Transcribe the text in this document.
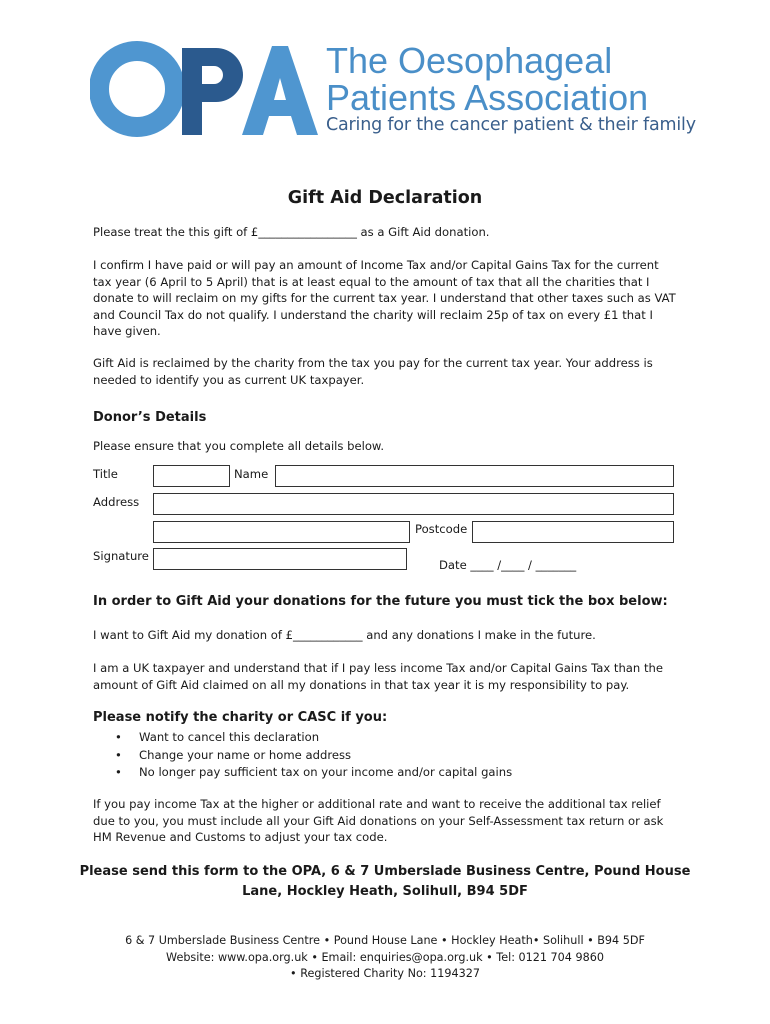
The Oesophageal
Patients Association
Caring for the cancer patient & their family
Gift Aid Declaration
Please treat the this gift of £_________________ as a Gift Aid donation.
I confirm I have paid or will pay an amount of Income Tax and/or Capital Gains Tax for the current
tax year (6 April to 5 April) that is at least equal to the amount of tax that all the charities that I
donate to will reclaim on my gifts for the current tax year. I understand that other taxes such as VAT
and Council Tax do not qualify. I understand the charity will reclaim 25p of tax on every £1 that I
have given.
Gift Aid is reclaimed by the charity from the tax you pay for the current tax year. Your address is
needed to identify you as current UK taxpayer.
Donor’s Details
Please ensure that you complete all details below.
Title	Name
Address
Postcode
Signature
Date ____ /____ / _______
In order to Gift Aid your donations for the future you must tick the box below:
I want to Gift Aid my donation of £____________ and any donations I make in the future.
I am a UK taxpayer and understand that if I pay less income Tax and/or Capital Gains Tax than the
amount of Gift Aid claimed on all my donations in that tax year it is my responsibility to pay.
Please notify the charity or CASC if you:
• Want to cancel this declaration
• Change your name or home address
• No longer pay sufficient tax on your income and/or capital gains
If you pay income Tax at the higher or additional rate and want to receive the additional tax relief
due to you, you must include all your Gift Aid donations on your Self-Assessment tax return or ask
HM Revenue and Customs to adjust your tax code.
Please send this form to the OPA, 6 & 7 Umberslade Business Centre, Pound House
Lane, Hockley Heath, Solihull, B94 5DF
6 & 7 Umberslade Business Centre • Pound House Lane • Hockley Heath• Solihull • B94 5DF
Website: www.opa.org.uk • Email: enquiries@opa.org.uk • Tel: 0121 704 9860
• Registered Charity No: 1194327
